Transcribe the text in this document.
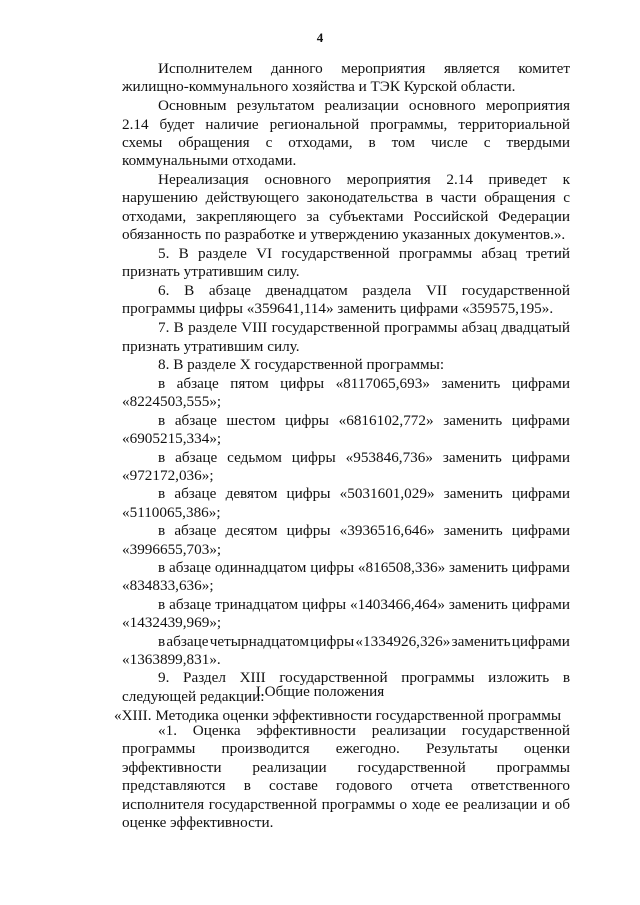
4

Исполнителем данного мероприятия является комитет жилищно-коммунального хозяйства и ТЭК Курской области.

Основным результатом реализации основного мероприятия 2.14 будет наличие региональной программы, территориальной схемы обращения с отходами, в том числе с твердыми коммунальными отходами.

Нереализация основного мероприятия 2.14 приведет к нарушению действующего законодательства в части обращения с отходами, закрепляющего за субъектами Российской Федерации обязанность по разработке и утверждению указанных документов.».

5. В разделе VI государственной программы абзац третий признать утратившим силу.

6. В абзаце двенадцатом раздела VII государственной программы цифры «359641,114» заменить цифрами «359575,195».

7. В разделе VIII государственной программы абзац двадцатый признать утратившим силу.

8. В разделе X государственной программы:

в абзаце пятом цифры «8117065,693» заменить цифрами
«8224503,555»;
в абзаце шестом цифры «6816102,772» заменить цифрами
«6905215,334»;
в абзаце седьмом цифры «953846,736» заменить цифрами
«972172,036»;
в абзаце девятом цифры «5031601,029» заменить цифрами
«5110065,386»;
в абзаце десятом цифры «3936516,646» заменить цифрами
«3996655,703»;
в абзаце одиннадцатом цифры «816508,336» заменить цифрами
«834833,636»;
в абзаце тринадцатом цифры «1403466,464» заменить цифрами
«1432439,969»;
в абзаце четырнадцатом цифры «1334926,326» заменить цифрами
«1363899,831».

9. Раздел XIII государственной программы изложить в следующей редакции:

«XIII. Методика оценки эффективности государственной программы

I.Общие положения

«1. Оценка эффективности реализации государственной программы производится ежегодно. Результаты оценки эффективности реализации государственной программы представляются в составе годового отчета ответственного исполнителя государственной программы о ходе ее реализации и об оценке эффективности.
